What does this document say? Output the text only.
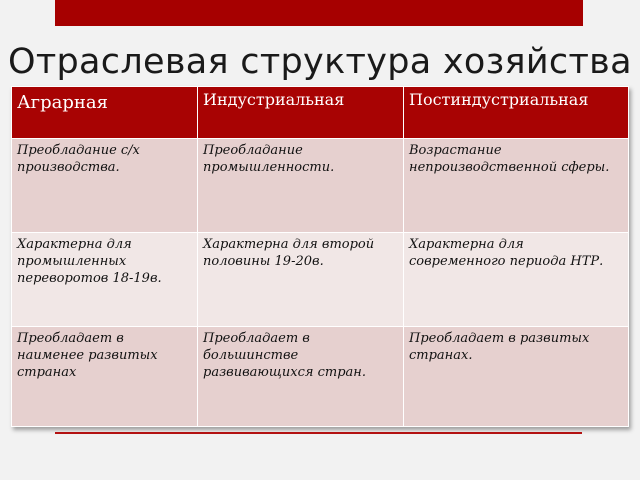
Отраслевая структура хозяйства
Аграрная	Индустриальная	Постиндустриальная
Преобладание с/х производства.	Преобладание промышленности.	Возрастание непроизводственной сферы.
Характерна для промышленных переворотов 18-19в.	Характерна для второй половины 19-20в.	Характерна для современного периода НТР.
Преобладает в наименее развитых странах	Преобладает в большинстве развивающихся стран.	Преобладает в развитых странах.
